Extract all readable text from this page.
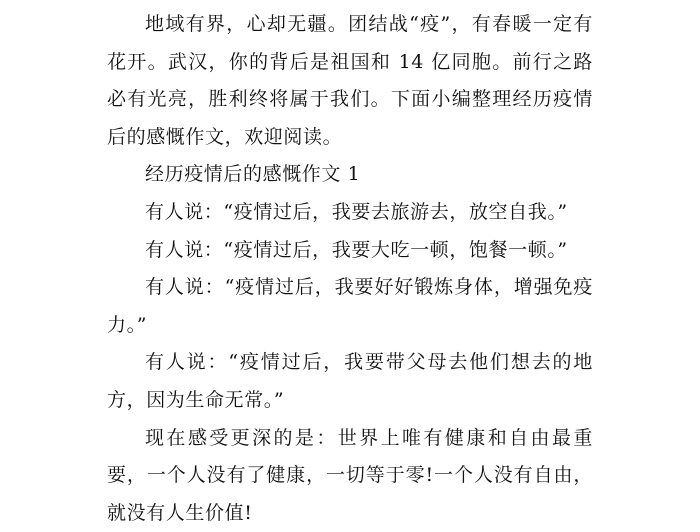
地域有界，心却无疆。团结战“疫”，有春暖一定有花开。武汉，你的背后是祖国和 14 亿同胞。前行之路必有光亮，胜利终将属于我们。下面小编整理经历疫情后的感慨作文，欢迎阅读。

经历疫情后的感慨作文 1

有人说：“疫情过后，我要去旅游去，放空自我。”

有人说：“疫情过后，我要大吃一顿，饱餐一顿。”

有人说：“疫情过后，我要好好锻炼身体，增强免疫力。”

有人说：“疫情过后，我要带父母去他们想去的地方，因为生命无常。”

现在感受更深的是：世界上唯有健康和自由最重要，一个人没有了健康，一切等于零!一个人没有自由，就没有人生价值!
